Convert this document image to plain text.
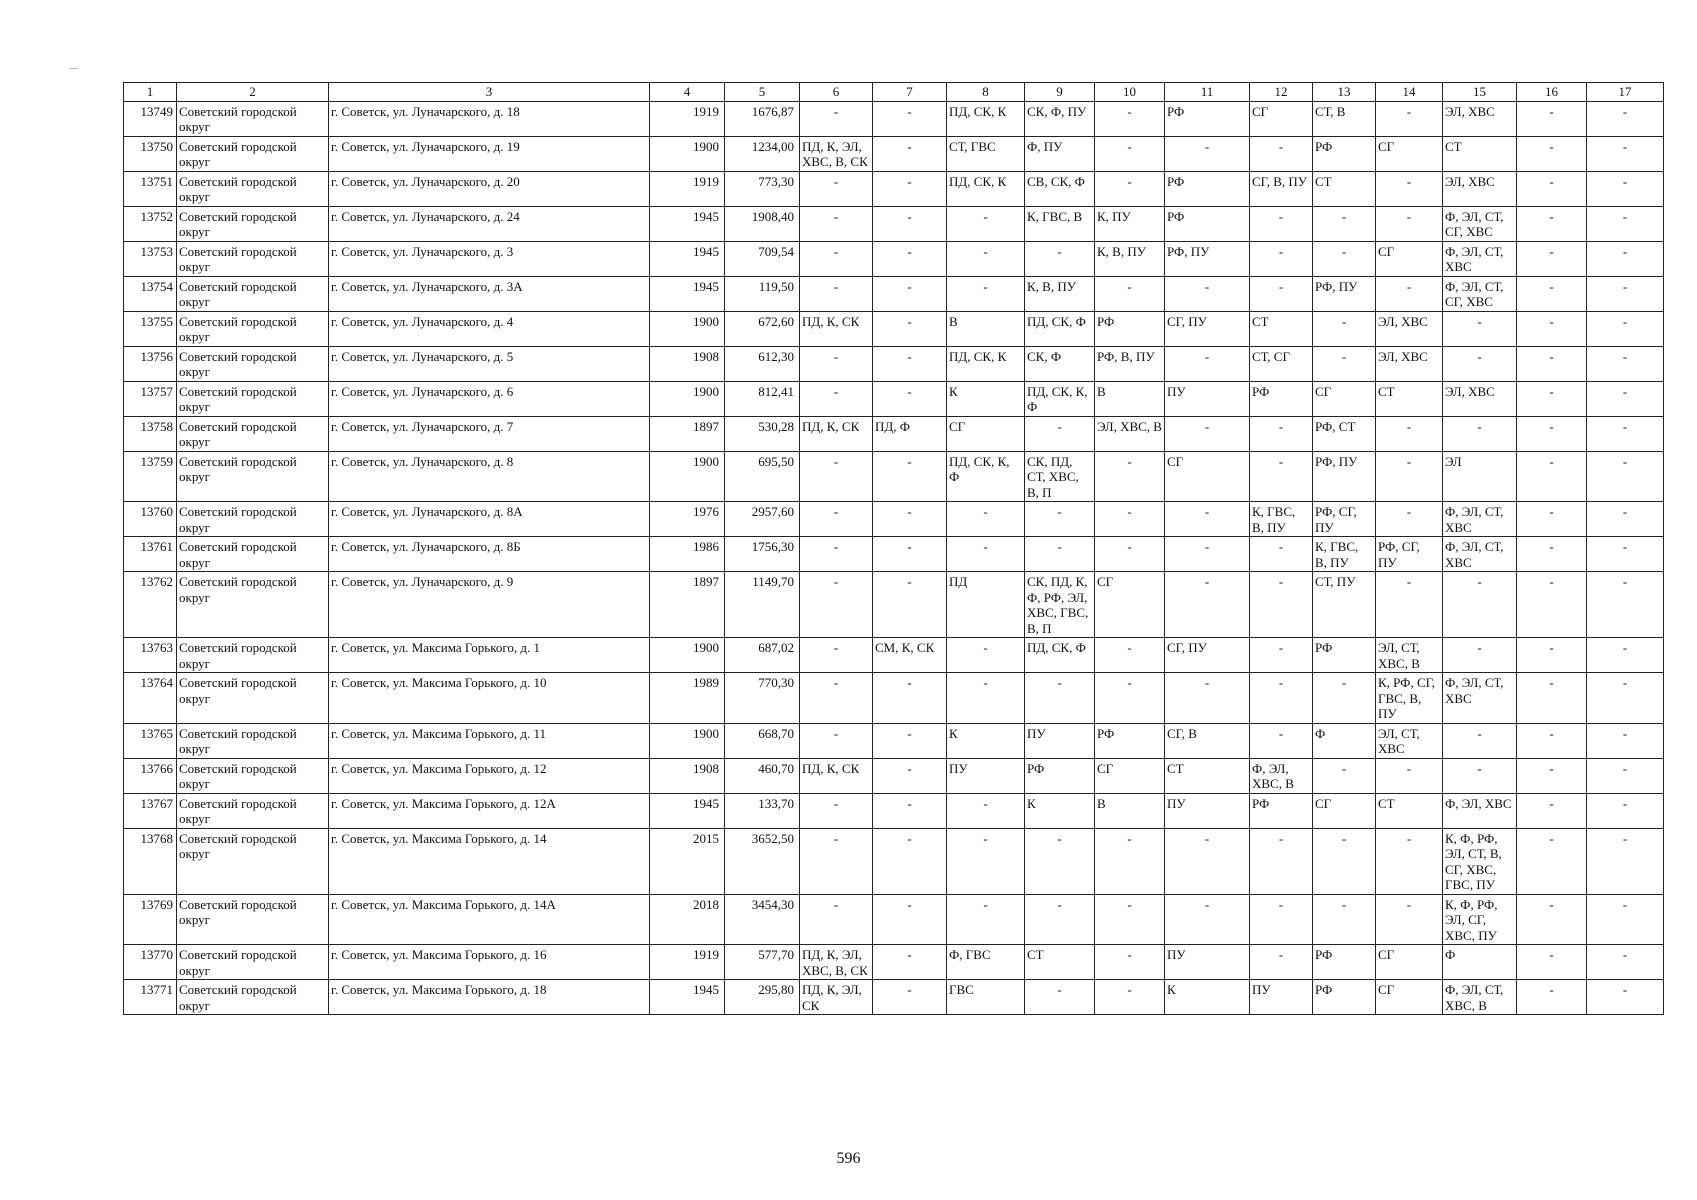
1	2	3	4	5	6	7	8	9	10	11	12	13	14	15	16	17
13749	Советский городской округ	г. Советск, ул. Луначарского, д. 18	1919	1676,87	-	-	ПД, СК, К	СК, Ф, ПУ	-	РФ	СГ	СТ, В	-	ЭЛ, ХВС	-	-
13750	Советский городской округ	г. Советск, ул. Луначарского, д. 19	1900	1234,00	ПД, К, ЭЛ, ХВС, В, СК	-	СТ, ГВС	Ф, ПУ	-	-	-	РФ	СГ	СТ	-	-
13751	Советский городской округ	г. Советск, ул. Луначарского, д. 20	1919	773,30	-	-	ПД, СК, К	СВ, СК, Ф	-	РФ	СГ, В, ПУ	СТ	-	ЭЛ, ХВС	-	-
13752	Советский городской округ	г. Советск, ул. Луначарского, д. 24	1945	1908,40	-	-	-	К, ГВС, В	К, ПУ	РФ	-	-	-	Ф, ЭЛ, СТ, СГ, ХВС	-	-
13753	Советский городской округ	г. Советск, ул. Луначарского, д. 3	1945	709,54	-	-	-	-	К, В, ПУ	РФ, ПУ	-	-	СГ	Ф, ЭЛ, СТ, ХВС	-	-
13754	Советский городской округ	г. Советск, ул. Луначарского, д. 3А	1945	119,50	-	-	-	К, В, ПУ	-	-	-	РФ, ПУ	-	Ф, ЭЛ, СТ, СГ, ХВС	-	-
13755	Советский городской округ	г. Советск, ул. Луначарского, д. 4	1900	672,60	ПД, К, СК	-	В	ПД, СК, Ф	РФ	СГ, ПУ	СТ	-	ЭЛ, ХВС	-	-	-
13756	Советский городской округ	г. Советск, ул. Луначарского, д. 5	1908	612,30	-	-	ПД, СК, К	СК, Ф	РФ, В, ПУ	-	СТ, СГ	-	ЭЛ, ХВС	-	-	-
13757	Советский городской округ	г. Советск, ул. Луначарского, д. 6	1900	812,41	-	-	К	ПД, СК, К, Ф	В	ПУ	РФ	СГ	СТ	ЭЛ, ХВС	-	-
13758	Советский городской округ	г. Советск, ул. Луначарского, д. 7	1897	530,28	ПД, К, СК	ПД, Ф	СГ	-	ЭЛ, ХВС, В	-	-	РФ, СТ	-	-	-	-
13759	Советский городской округ	г. Советск, ул. Луначарского, д. 8	1900	695,50	-	-	ПД, СК, К, Ф	СК, ПД, СТ, ХВС, В, П	-	СГ	-	РФ, ПУ	-	ЭЛ	-	-
13760	Советский городской округ	г. Советск, ул. Луначарского, д. 8А	1976	2957,60	-	-	-	-	-	-	К, ГВС, В, ПУ	РФ, СГ, ПУ	-	Ф, ЭЛ, СТ, ХВС	-	-
13761	Советский городской округ	г. Советск, ул. Луначарского, д. 8Б	1986	1756,30	-	-	-	-	-	-	-	К, ГВС, В, ПУ	РФ, СГ, ПУ	Ф, ЭЛ, СТ, ХВС	-	-
13762	Советский городской округ	г. Советск, ул. Луначарского, д. 9	1897	1149,70	-	-	ПД	СК, ПД, К, Ф, РФ, ЭЛ, ХВС, ГВС, В, П	СГ	-	-	СТ, ПУ	-	-	-	-
13763	Советский городской округ	г. Советск, ул. Максима Горького, д. 1	1900	687,02	-	СМ, К, СК	-	ПД, СК, Ф	-	СГ, ПУ	-	РФ	ЭЛ, СТ, ХВС, В	-	-	-
13764	Советский городской округ	г. Советск, ул. Максима Горького, д. 10	1989	770,30	-	-	-	-	-	-	-	-	К, РФ, СГ, ГВС, В, ПУ	Ф, ЭЛ, СТ, ХВС	-	-
13765	Советский городской округ	г. Советск, ул. Максима Горького, д. 11	1900	668,70	-	-	К	ПУ	РФ	СГ, В	-	Ф	ЭЛ, СТ, ХВС	-	-	-
13766	Советский городской округ	г. Советск, ул. Максима Горького, д. 12	1908	460,70	ПД, К, СК	-	ПУ	РФ	СГ	СТ	Ф, ЭЛ, ХВС, В	-	-	-	-	-
13767	Советский городской округ	г. Советск, ул. Максима Горького, д. 12А	1945	133,70	-	-	-	К	В	ПУ	РФ	СГ	СТ	Ф, ЭЛ, ХВС	-	-
13768	Советский городской округ	г. Советск, ул. Максима Горького, д. 14	2015	3652,50	-	-	-	-	-	-	-	-	-	К, Ф, РФ, ЭЛ, СТ, В, СГ, ХВС, ГВС, ПУ	-	-
13769	Советский городской округ	г. Советск, ул. Максима Горького, д. 14А	2018	3454,30	-	-	-	-	-	-	-	-	-	К, Ф, РФ, ЭЛ, СГ, ХВС, ПУ	-	-
13770	Советский городской округ	г. Советск, ул. Максима Горького, д. 16	1919	577,70	ПД, К, ЭЛ, ХВС, В, СК	-	Ф, ГВС	СТ	-	ПУ	-	РФ	СГ	Ф	-	-
13771	Советский городской округ	г. Советск, ул. Максима Горького, д. 18	1945	295,80	ПД, К, ЭЛ, СК	-	ГВС	-	-	К	ПУ	РФ	СГ	Ф, ЭЛ, СТ, ХВС, В	-	-
596
